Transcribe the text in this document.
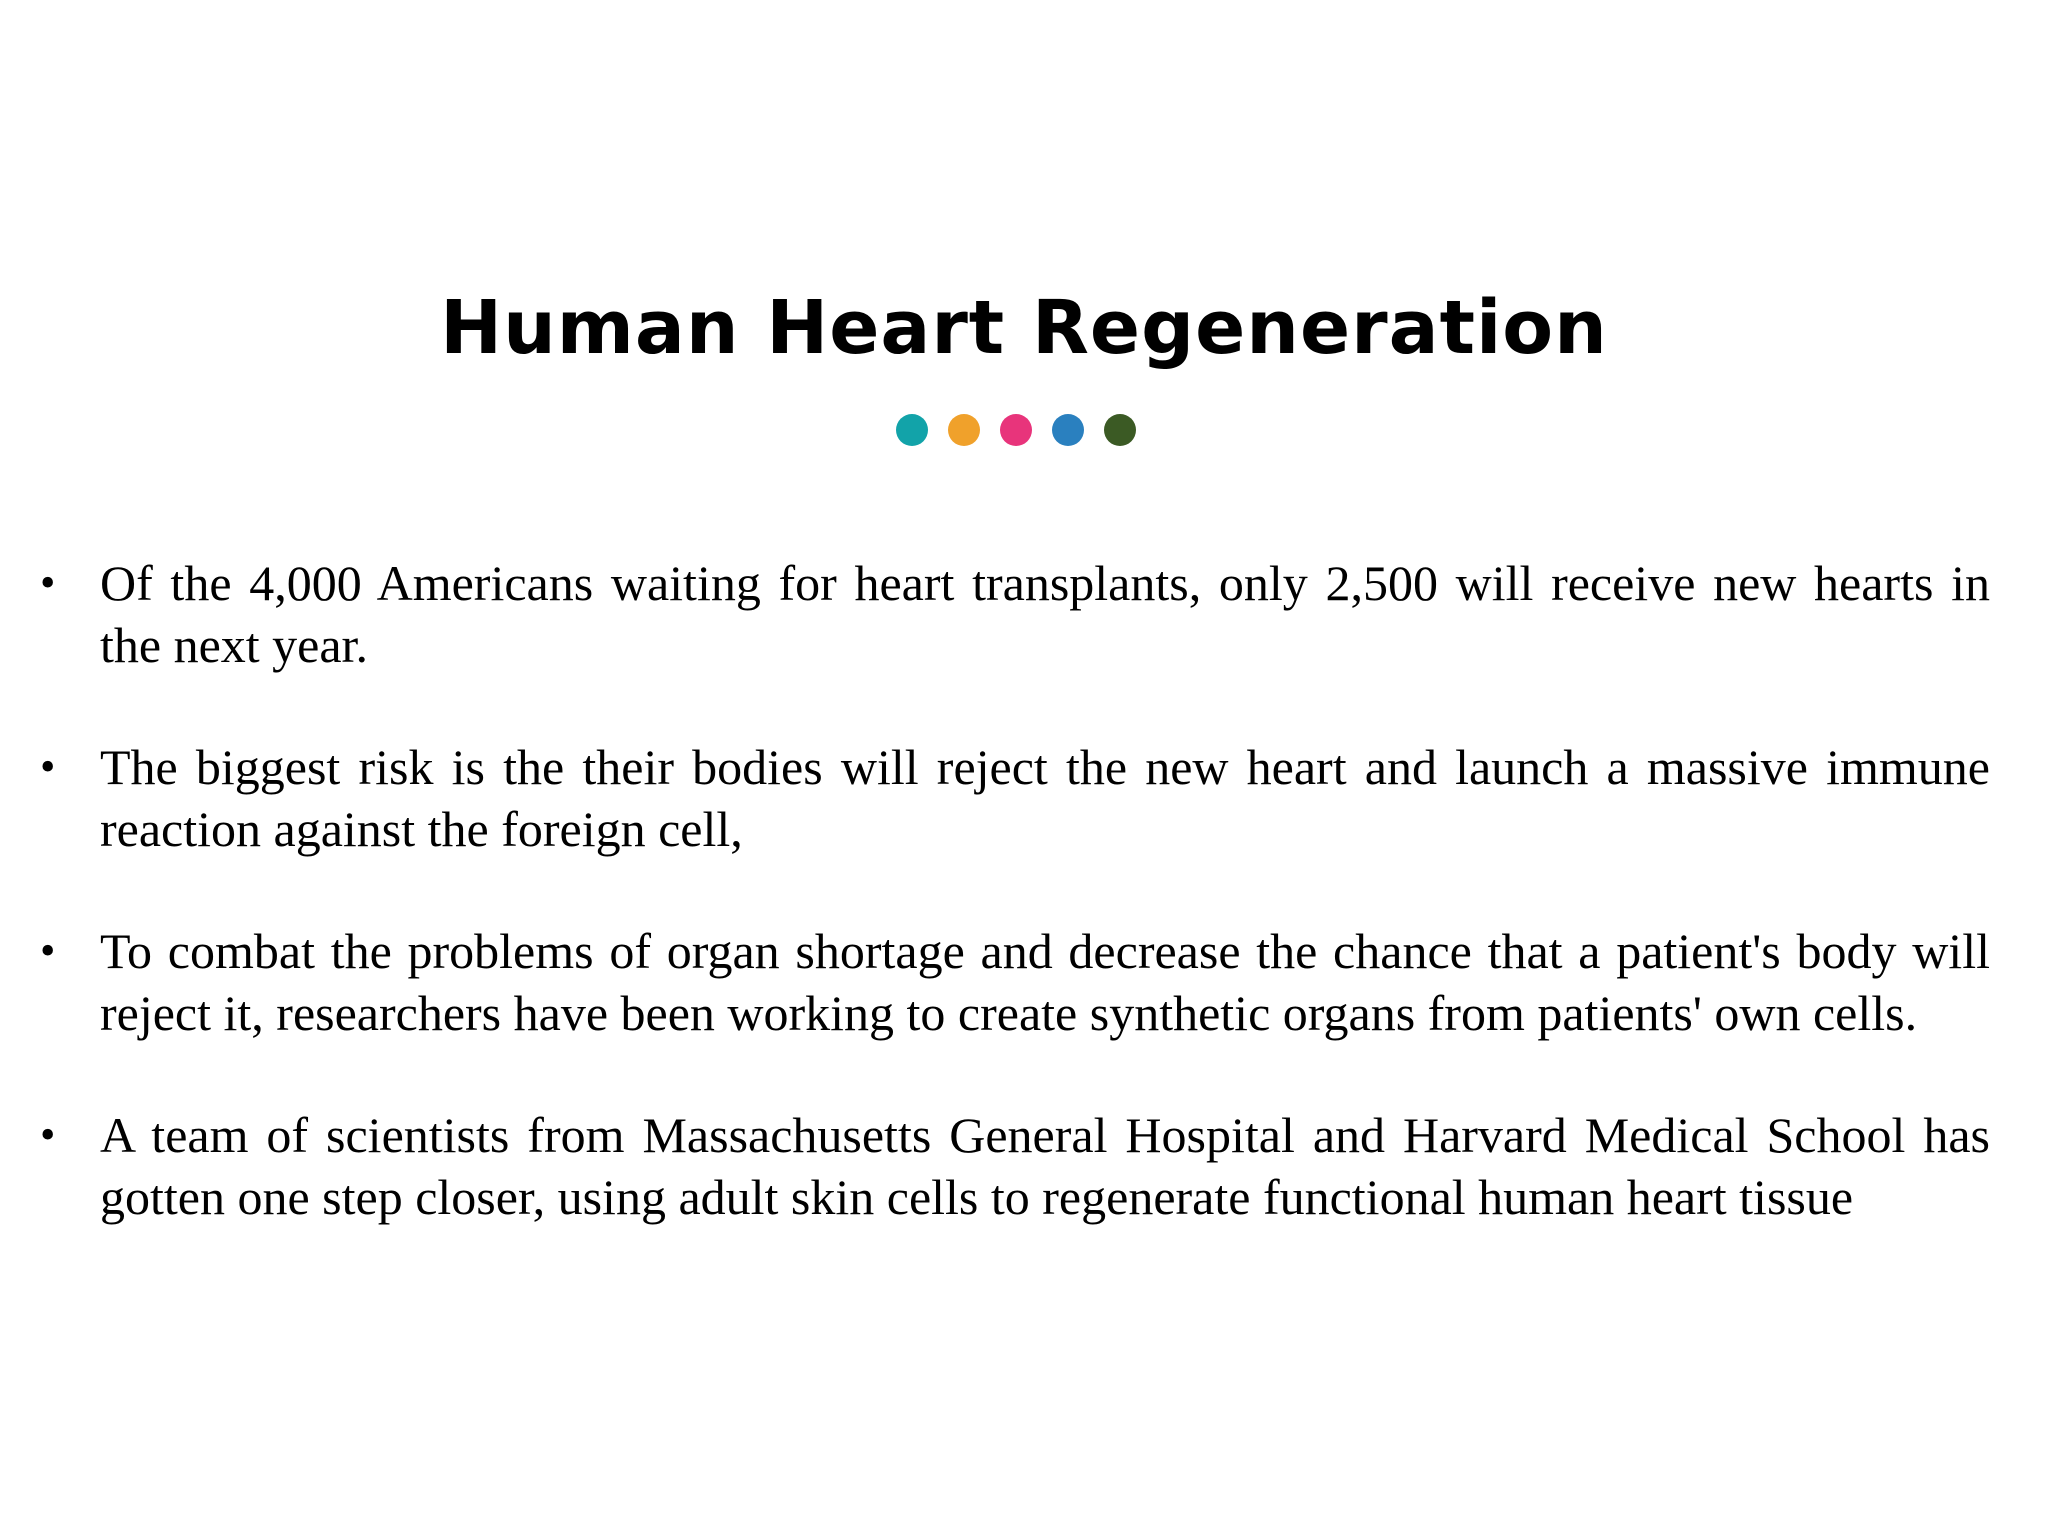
Human Heart Regeneration
• Of the 4,000 Americans waiting for heart transplants, only 2,500 will receive new hearts in the next year.
• The biggest risk is the their bodies will reject the new heart and launch a massive immune reaction against the foreign cell,
• To combat the problems of organ shortage and decrease the chance that a patient's body will reject it, researchers have been working to create synthetic organs from patients' own cells.
• A team of scientists from Massachusetts General Hospital and Harvard Medical School has gotten one step closer, using adult skin cells to regenerate functional human heart tissue
